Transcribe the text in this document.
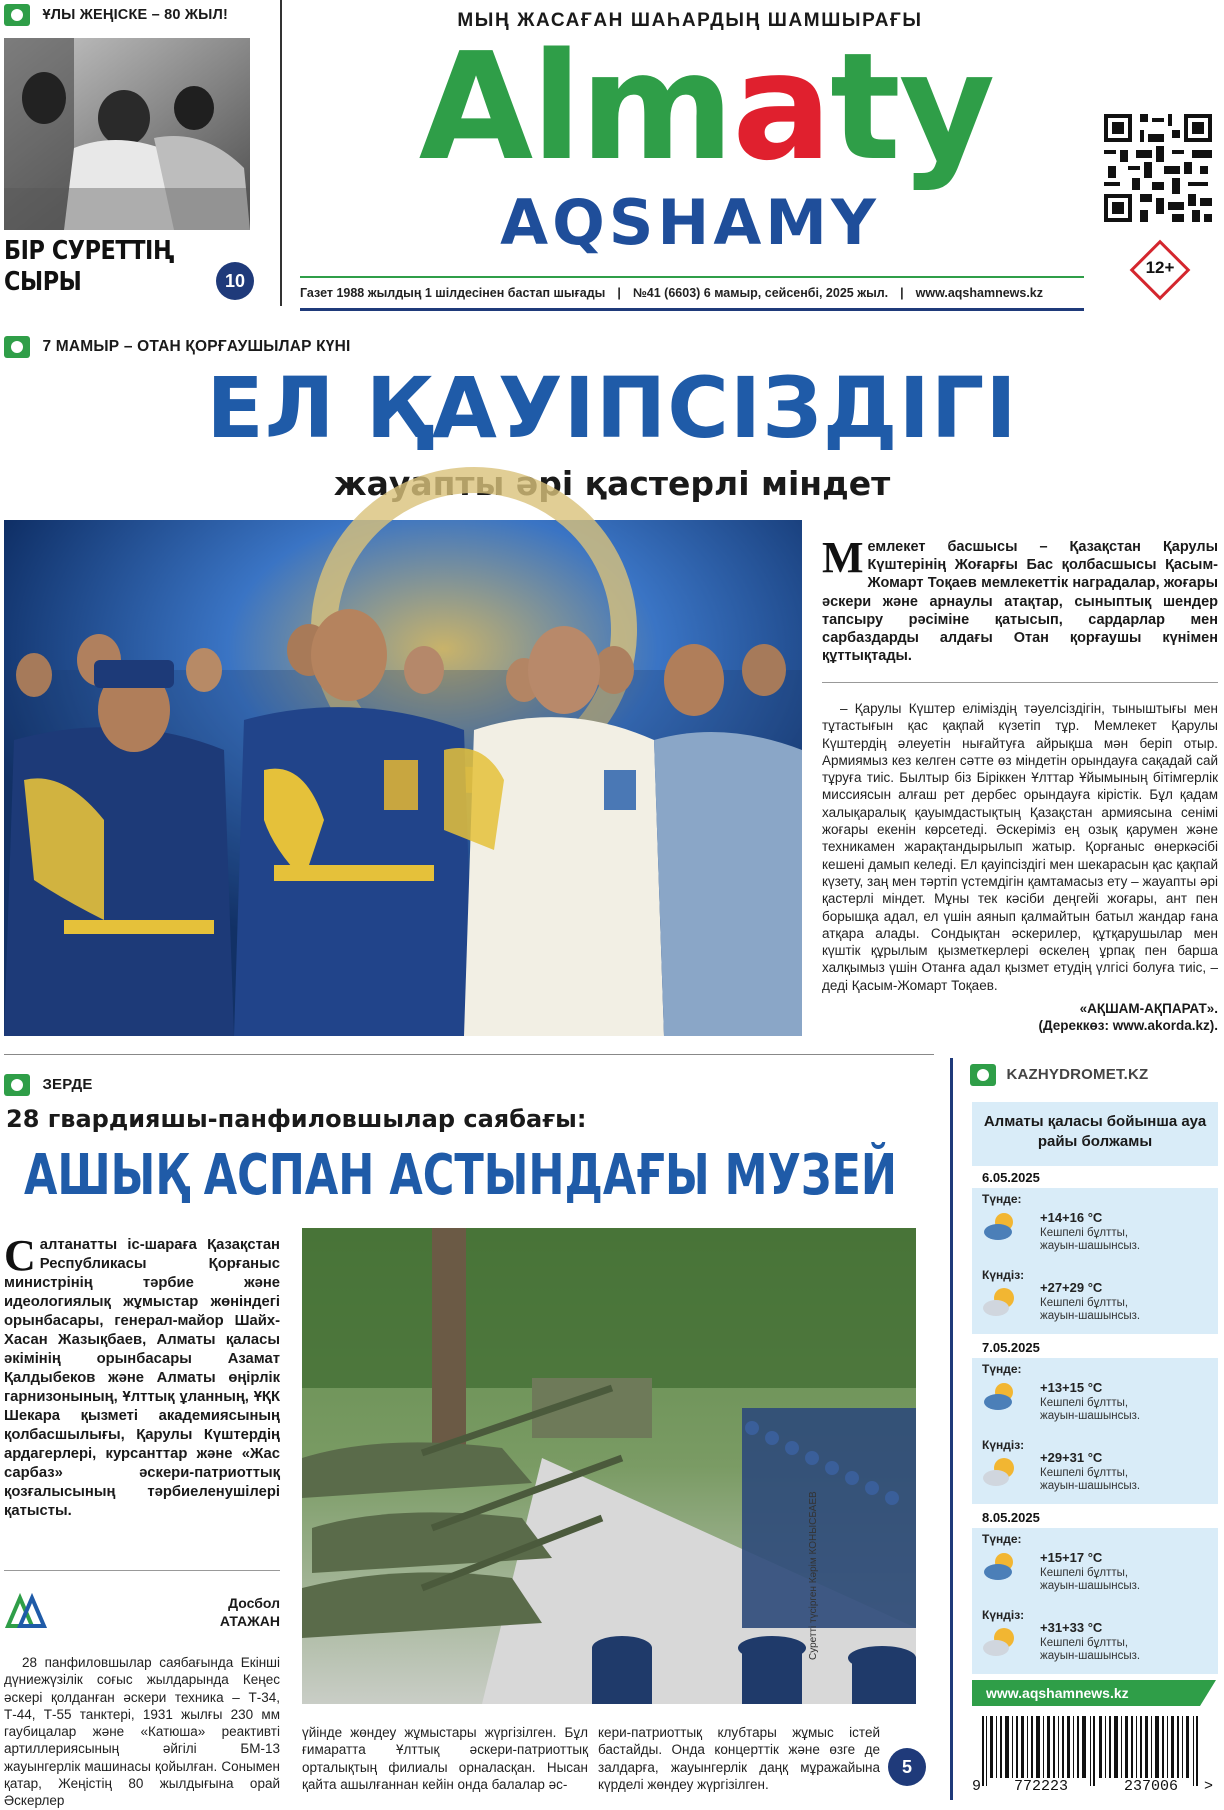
ҰЛЫ ЖЕҢІСКЕ – 80 ЖЫЛ!
БІР СУРЕТТІҢ
СЫРЫ	10
МЫҢ ЖАСАҒАН ШАҺАРДЫҢ ШАМШЫРАҒЫ
Almaty
AQSHAMY
Газет 1988 жылдың 1 шілдесінен бастап шығады | №41 (6603) 6 мамыр, сейсенбі, 2025 жыл. | www.aqshamnews.kz
12+
7 МАМЫР – ОТАН ҚОРҒАУШЫЛАР КҮНІ
ЕЛ ҚАУІПСІЗДІГІ
жауапты әрі қастерлі міндет
Мемлекет басшысы – Қазақстан Қарулы Күштерінің Жоғарғы Бас қолбасшысы Қасым-Жомарт Тоқаев мемлекеттік наградалар, жоғары әскери және арнаулы атақтар, сыныптық шендер тапсыру рәсіміне қатысып, сардарлар мен сарбаздарды алдағы Отан қорғаушы күнімен құттықтады.
– Қарулы Күштер еліміздің тәуелсіздігін, тыныштығы мен тұтастығын қас қақпай күзетіп тұр. Мемлекет Қарулы Күштердің әлеуетін нығайтуға айрықша мән беріп отыр. Армиямыз кез келген сәтте өз міндетін орындауға сақадай сай тұруға тиіс. Былтыр біз Біріккен Ұлттар Ұйымының бітімгерлік миссиясын алғаш рет дербес орындауға кірістік. Бұл қадам халықаралық қауымдастықтың Қазақстан армиясына сенімі жоғары екенін көрсетеді. Әскеріміз ең озық қарумен және техникамен жарақтандырылып жатыр. Қорғаныс өнеркәсібі кешені дамып келеді. Ел қауіпсіздігі мен шекарасын қас қақпай күзету, заң мен тәртіп үстемдігін қамтамасыз ету – жауапты әрі қастерлі міндет. Мұны тек кәсіби деңгейі жоғары, ант пен борышқа адал, ел үшін аянып қалмайтын батыл жандар ғана атқара алады. Сондықтан әскерилер, құтқарушылар мен күштік құрылым қызметкерлері өскелең ұрпақ пен барша халқымыз үшін Отанға адал қызмет етудің үлгісі болуға тиіс, – деді Қасым-Жомарт Тоқаев.
«АҚШАМ-АҚПАРАТ».
(Дереккөз: www.akorda.kz).
ЗЕРДЕ
28 гвардияшы-панфиловшылар саябағы:
АШЫҚ АСПАН АСТЫНДАҒЫ МУЗЕЙ
Салтанатты іс-шараға Қазақстан Республикасы Қорғаныс министрінің тәрбие және идеологиялық жұмыстар жөніндегі орынбасары, генерал-майор Шайх-Хасан Жазықбаев, Алматы қаласы әкімінің орынбасары Азамат Қалдыбеков және Алматы өңірлік гарнизонының, Ұлттық ұланның, ҰҚК Шекара қызметі академиясының қолбасшылығы, Қарулы Күштердің ардагерлері, курсанттар және «Жас сарбаз» әскери-патриоттық қозғалысының тәрбиеленушілері қатысты.
Досбол
АТАЖАН
28 панфиловшылар саябағында Екінші дүниежүзілік соғыс жылдарында Кеңес әскері қолданған әскери техника – Т-34, Т-44, Т-55 танктері, 1931 жылғы 230 мм гаубицалар және «Катюша» реактивті артиллериясының әйгілі БМ-13 жауынгерлік машинасы қойылған. Сонымен қатар, Жеңістің 80 жылдығына орай Әскерлер
Суретті түсірген Кәрім КОНЫСБАЕВ
үйінде жөндеу жұмыстары жүргізілген. Бұл ғимаратта Ұлттық әскери-патриоттық орталықтың филиалы орналасқан. Нысан қайта ашылғаннан кейін онда балалар әс-
кери-патриоттық клубтары жұмыс істей бастайды. Онда концерттік және өзге де залдарға, жауынгерлік даңқ мұражайына күрделі жөндеу жүргізілген.
5
KAZHYDROMET.KZ
Алматы қаласы бойынша ауа райы болжамы
6.05.2025
Түнде:
+14+16 °С
Кешпелі бұлтты, жауын-шашынсыз.
Күндіз:
+27+29 °С
Кешпелі бұлтты, жауын-шашынсыз.
7.05.2025
Түнде:
+13+15 °С
Кешпелі бұлтты, жауын-шашынсыз.
Күндіз:
+29+31 °С
Кешпелі бұлтты, жауын-шашынсыз.
8.05.2025
Түнде:
+15+17 °С
Кешпелі бұлтты, жауын-шашынсыз.
Күндіз:
+31+33 °С
Кешпелі бұлтты, жауын-шашынсыз.
www.aqshamnews.kz
9 772223	237006 >
